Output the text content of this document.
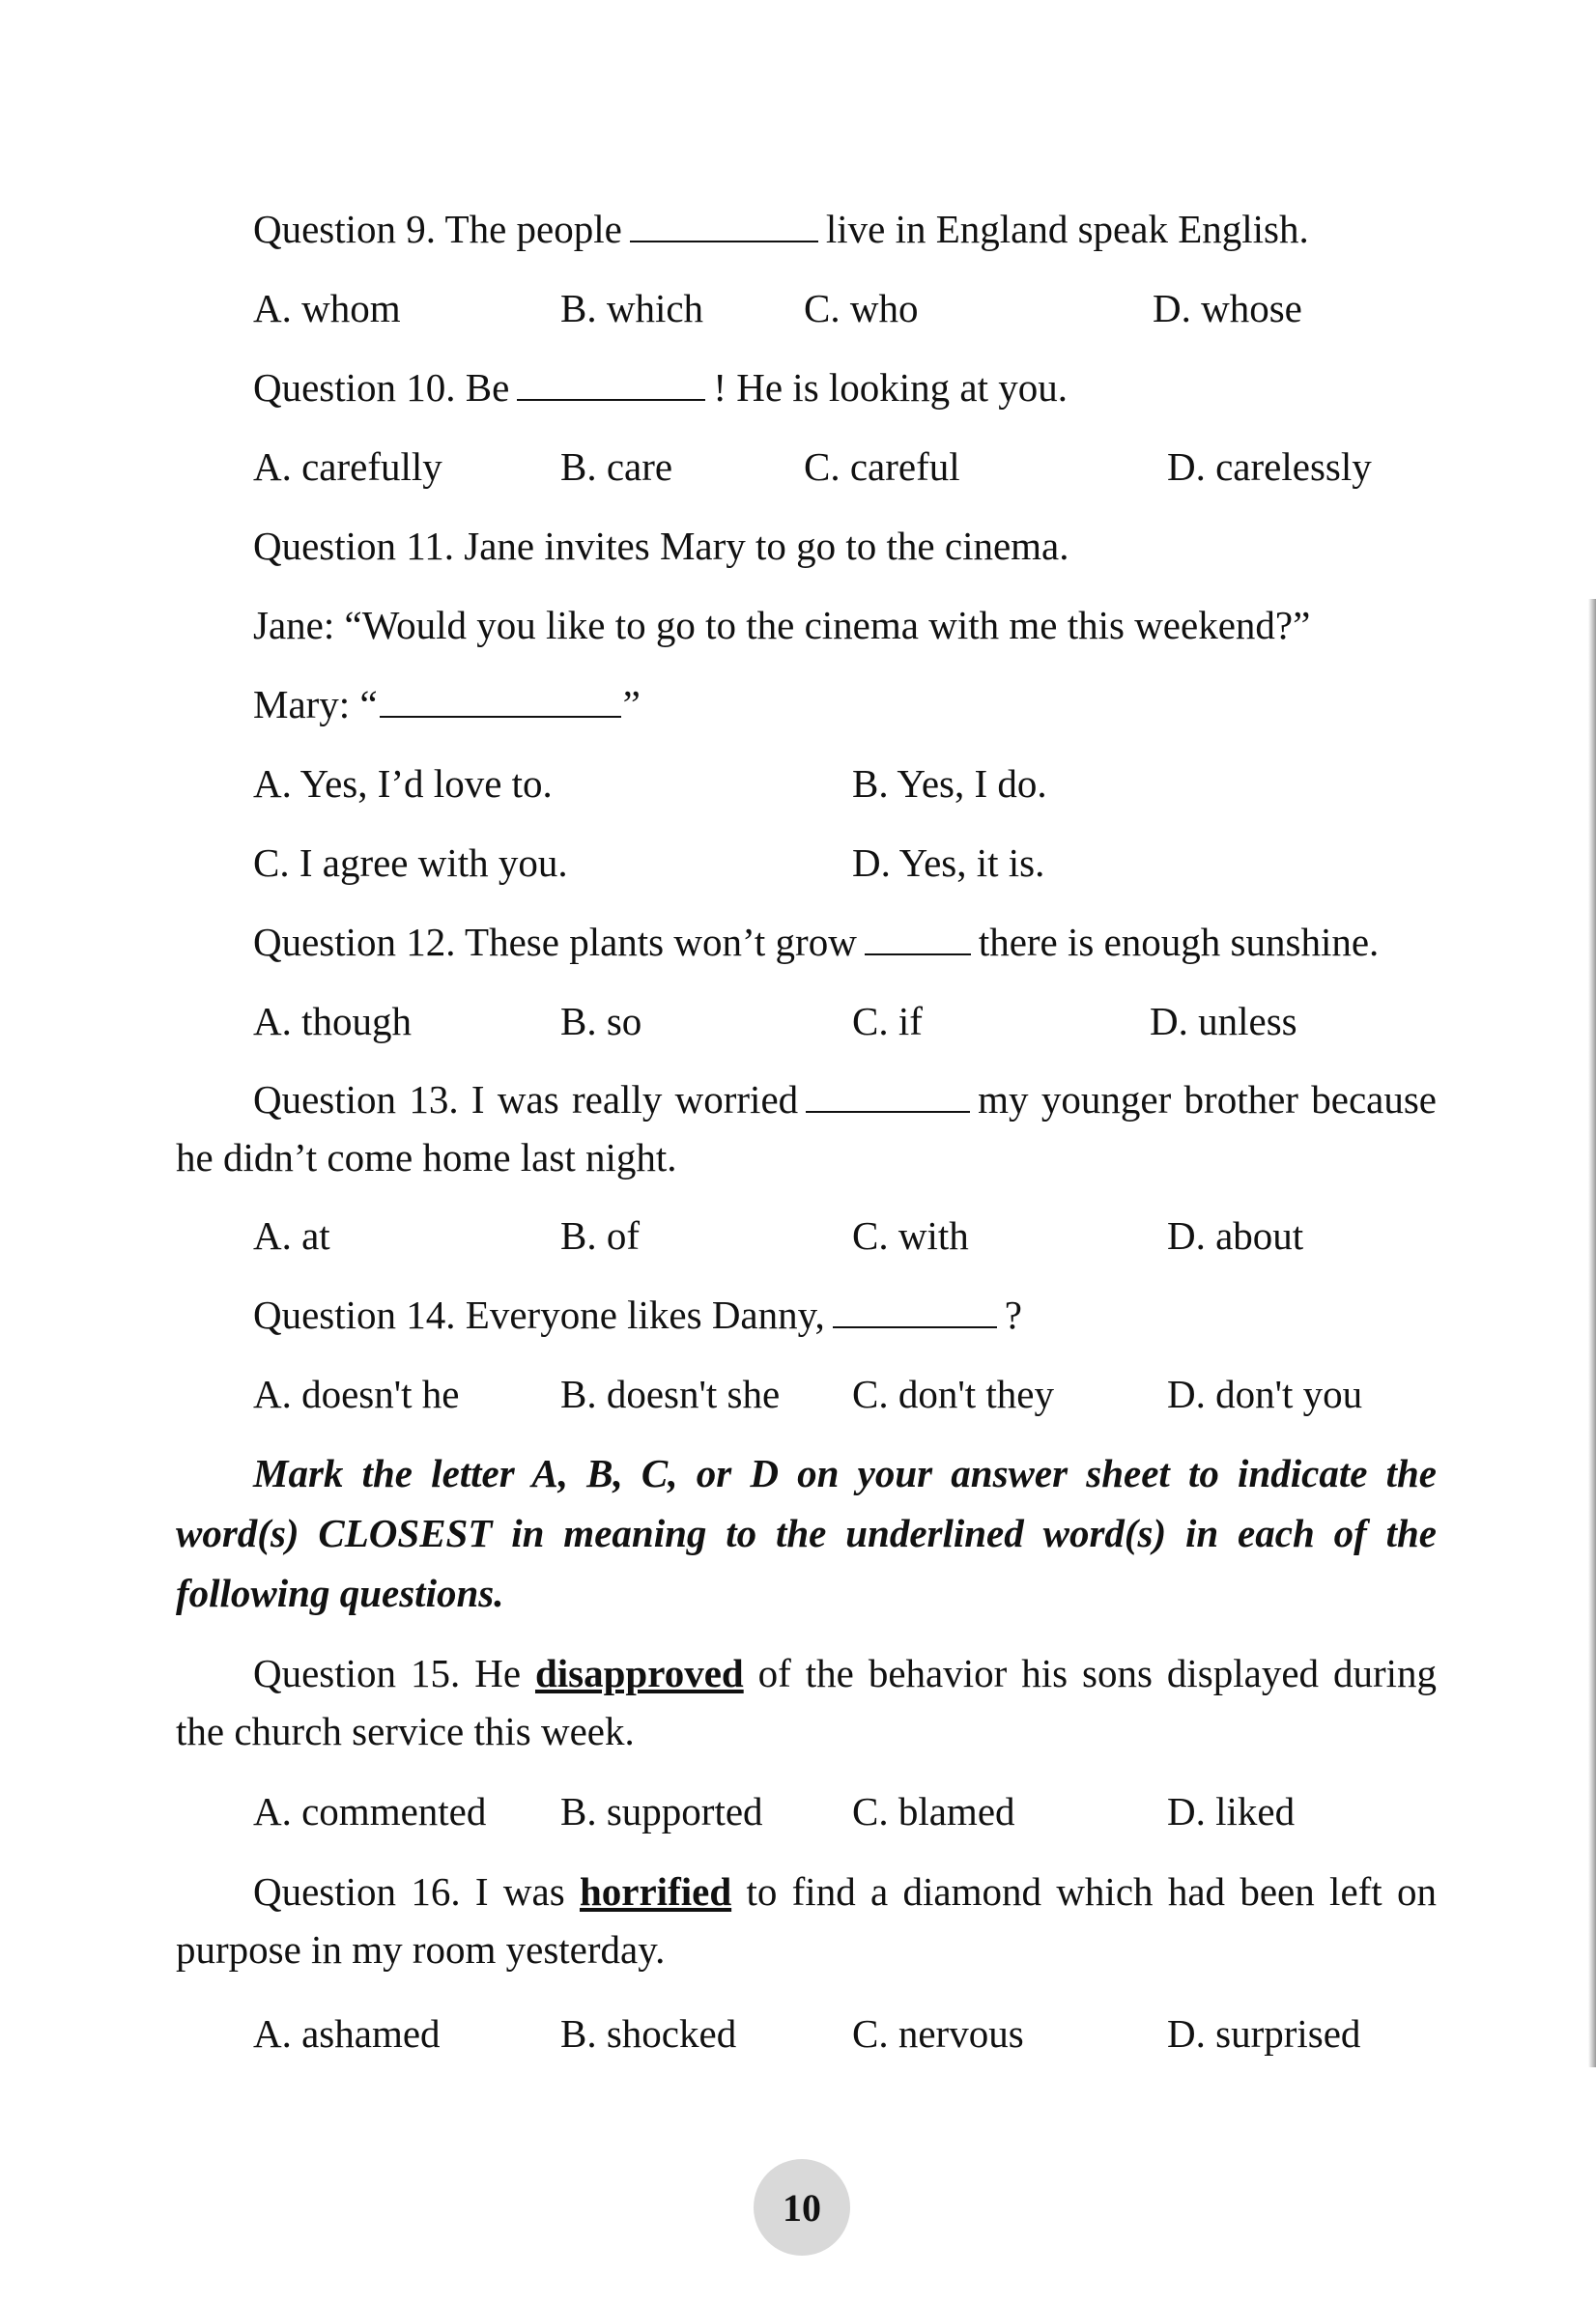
Question 9. The people	live in England speak English.
A. whom	B. which	C. who	D. whose
Question 10. Be	! He is looking at you.
A. carefully	B. care	C. careful	D. carelessly
Question 11. Jane invites Mary to go to the cinema.
Jane: “Would you like to go to the cinema with me this weekend?”
Mary: “	”
A. Yes, I’d love to.	B. Yes, I do.
C. I agree with you.	D. Yes, it is.
Question 12. These plants won’t grow	there is enough sunshine.
A. though	B. so	C. if	D. unless
Question 13. I was really worried	my younger brother because he didn’t come home last night.
A. at	B. of	C. with	D. about
Question 14. Everyone likes Danny,	?
A. doesn't he	B. doesn't she C. don't they	D. don't you
Mark the letter A, B, C, or D on your answer sheet to indicate the word(s) CLOSEST in meaning to the underlined word(s) in each of the following questions.
Question 15. He disapproved of the behavior his sons displayed during the church service this week.
A. commented B. supported C. blamed	D. liked
Question 16. I was horrified to find a diamond which had been left on purpose in my room yesterday.
A. ashamed	B. shocked	C. nervous	D. surprised
10
